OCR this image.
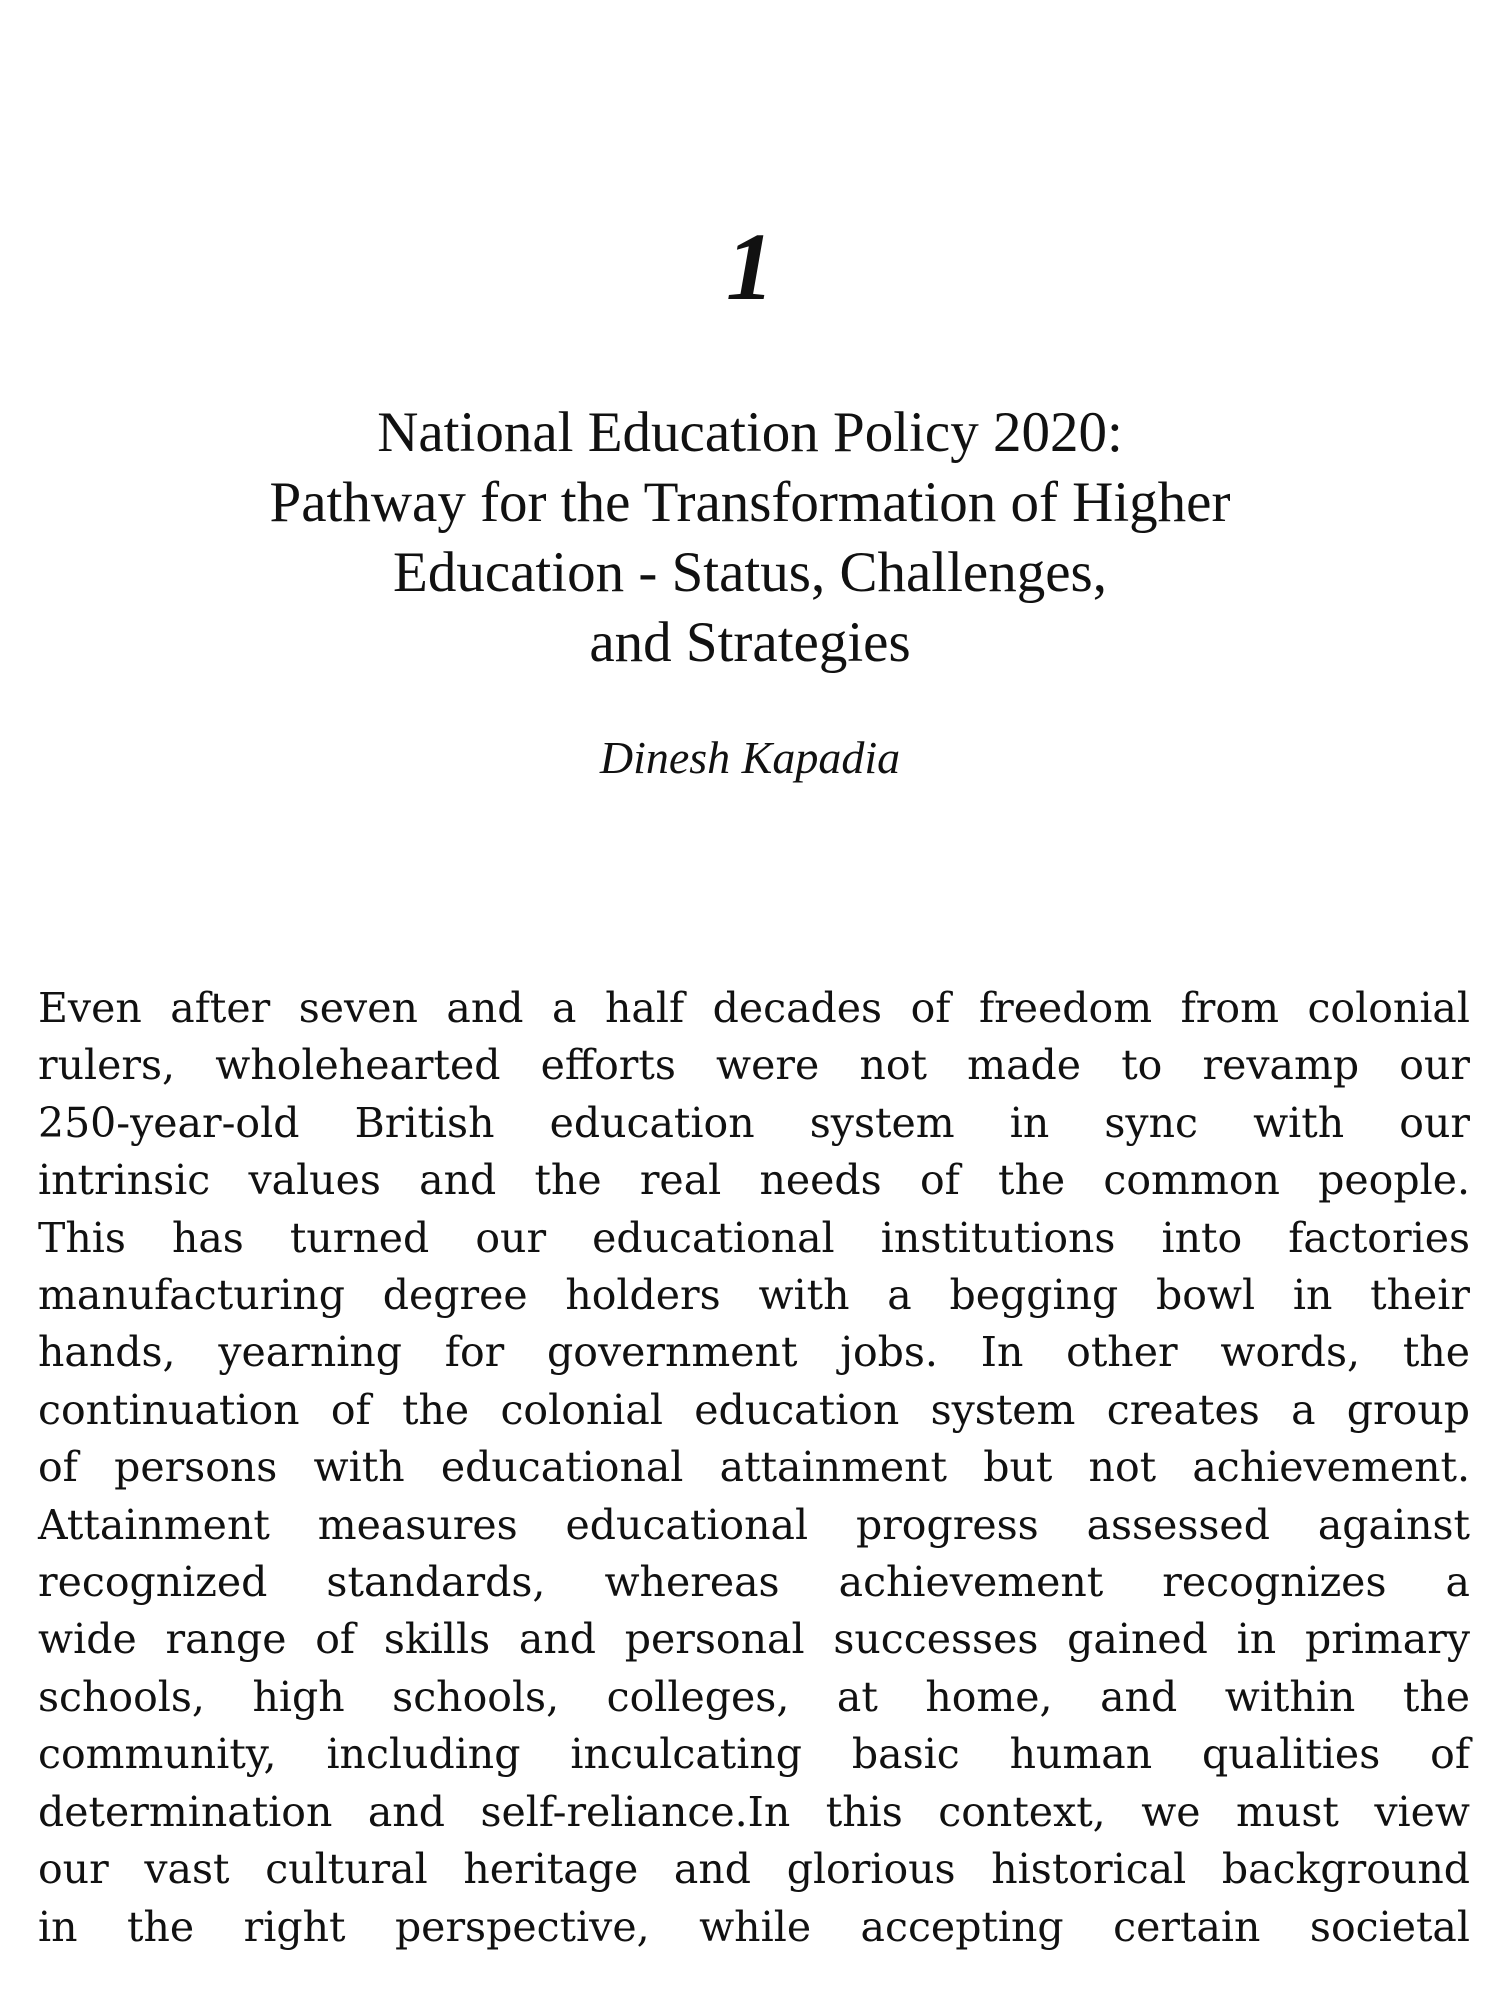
1
National Education Policy 2020:
Pathway for the Transformation of Higher
Education - Status, Challenges,
and Strategies

Dinesh Kapadia

Even after seven and a half decades of freedom from colonial
rulers, wholehearted efforts were not made to revamp our
250-year-old British education system in sync with our
intrinsic values and the real needs of the common people.
This has turned our educational institutions into factories
manufacturing degree holders with a begging bowl in their
hands, yearning for government jobs. In other words, the
continuation of the colonial education system creates a group
of persons with educational attainment but not achievement.
Attainment measures educational progress assessed against
recognized standards, whereas achievement recognizes a
wide range of skills and personal successes gained in primary
schools, high schools, colleges, at home, and within the
community, including inculcating basic human qualities of
determination and self-reliance.In this context, we must view
our vast cultural heritage and glorious historical background
in the right perspective, while accepting certain societal
